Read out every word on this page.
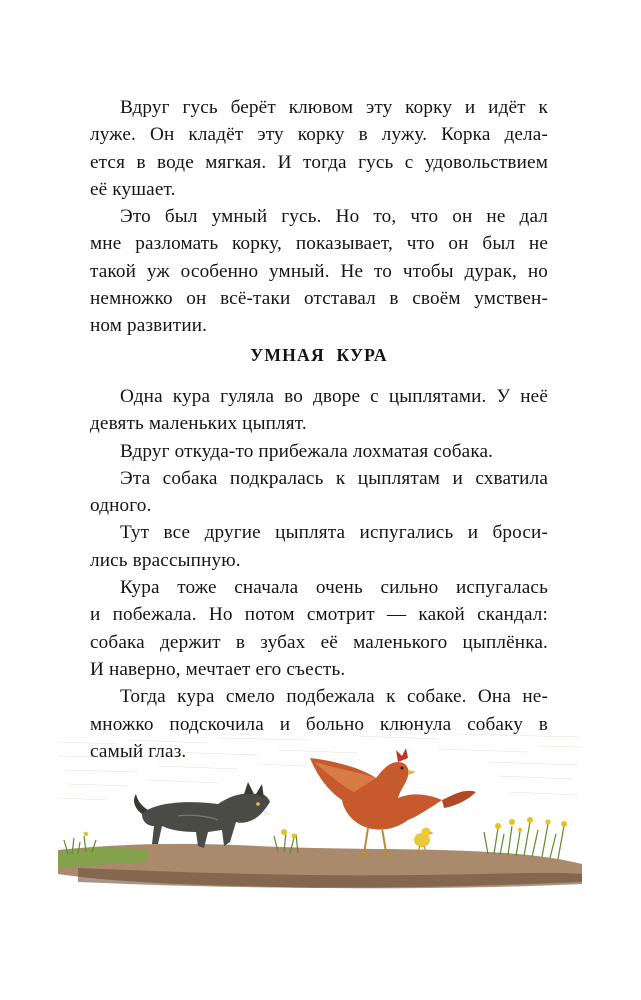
Вдруг гусь берёт клювом эту корку и идёт к
луже. Он кладёт эту корку в лужу. Корка дела-
ется в воде мягкая. И тогда гусь с удовольствием
её кушает.
Это был умный гусь. Но то, что он не дал
мне разломать корку, показывает, что он был не
такой уж особенно умный. Не то чтобы дурак, но
немножко он всё-таки отставал в своём умствен-
ном развитии.
УМНАЯ КУРА
Одна кура гуляла во дворе с цыплятами. У неё
девять маленьких цыплят.
Вдруг откуда-то прибежала лохматая собака.
Эта собака подкралась к цыплятам и схватила
одного.
Тут все другие цыплята испугались и броси-
лись врассыпную.
Кура тоже сначала очень сильно испугалась
и побежала. Но потом смотрит — какой скандал:
собака держит в зубах её маленького цыплёнка.
И наверно, мечтает его съесть.
Тогда кура смело подбежала к собаке. Она не-
множко подскочила и больно клюнула собаку в
самый глаз.
